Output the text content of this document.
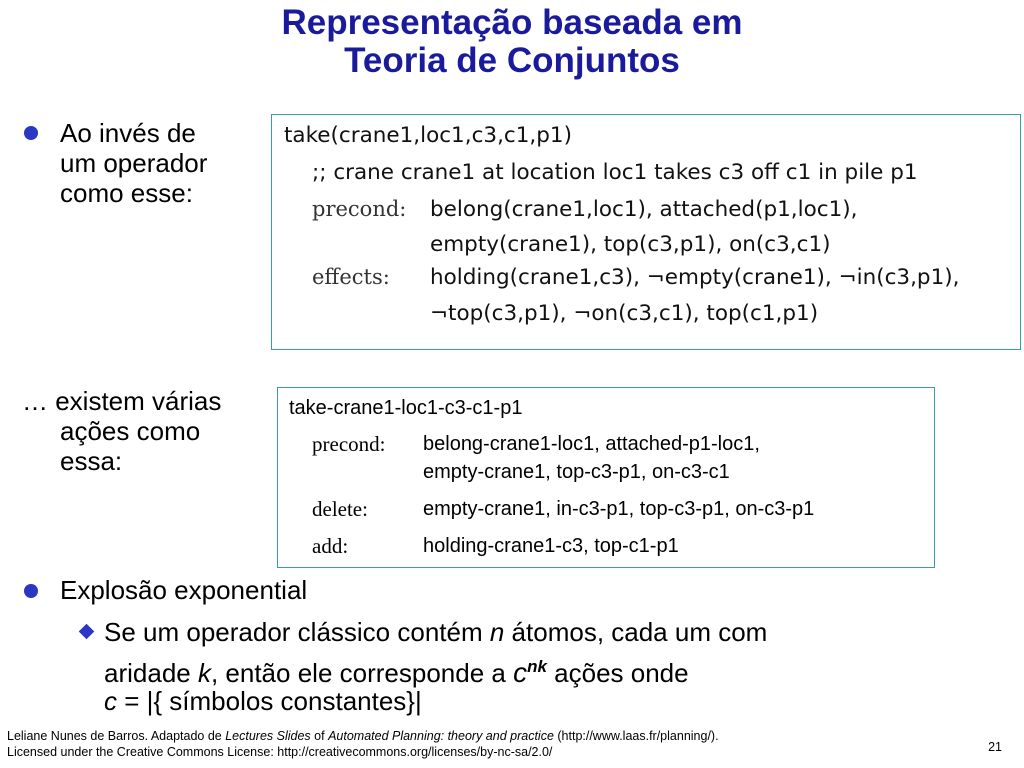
Representação baseada em
Teoria de Conjuntos
Ao invés de
um operador
como esse:
take(crane1,loc1,c3,c1,p1)
;; crane crane1 at location loc1 takes c3 off c1 in pile p1
precond: belong(crane1,loc1), attached(p1,loc1),
empty(crane1), top(c3,p1), on(c3,c1)
effects: holding(crane1,c3), ¬empty(crane1), ¬in(c3,p1),
¬top(c3,p1), ¬on(c3,c1), top(c1,p1)
… existem várias
ações como
essa:
take-crane1-loc1-c3-c1-p1
precond: belong-crane1-loc1, attached-p1-loc1,
empty-crane1, top-c3-p1, on-c3-c1
delete:	empty-crane1, in-c3-p1, top-c3-p1, on-c3-p1
add:	holding-crane1-c3, top-c1-p1
Explosão exponential
Se um operador clássico contém n átomos, cada um com
aridade k, então ele corresponde a $c^{nk}$ ações onde
c = |{ símbolos constantes}|
Leliane Nunes de Barros. Adaptado de Lectures Slides of Automated Planning: theory and practice (http://www.laas.fr/planning/).
Licensed under the Creative Commons License: http://creativecommons.org/licenses/by-nc-sa/2.0/	21
